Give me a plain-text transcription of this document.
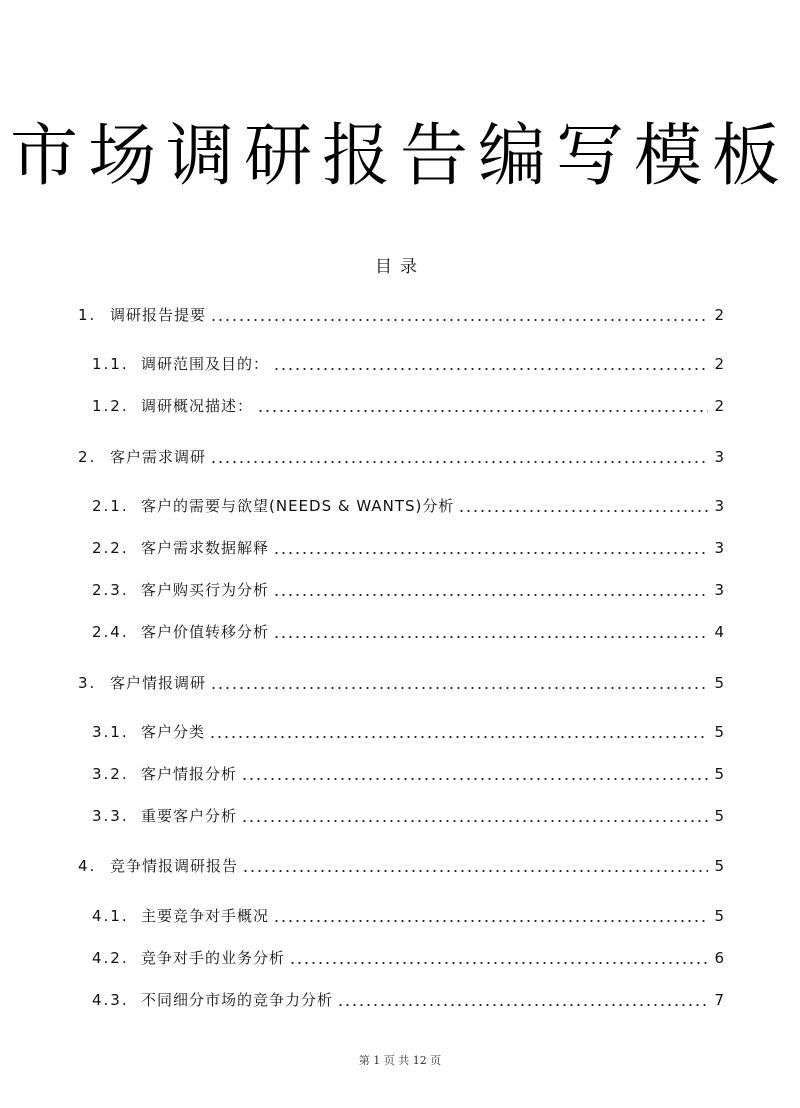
市场调研报告编写模板
目录
1. 调研报告提要	2
1.1. 调研范围及目的：	2
1.2. 调研概况描述：	2
2. 客户需求调研	3
2.1. 客户的需要与欲望(NEEDS & WANTS)分析	3
2.2. 客户需求数据解释	3
2.3. 客户购买行为分析	3
2.4. 客户价值转移分析	4
3. 客户情报调研	5
3.1. 客户分类	5
3.2. 客户情报分析	5
3.3. 重要客户分析	5
4. 竞争情报调研报告	5
4.1. 主要竞争对手概况	5
4.2. 竞争对手的业务分析	6
4.3. 不同细分市场的竞争力分析	7
第 1 页 共 12 页
